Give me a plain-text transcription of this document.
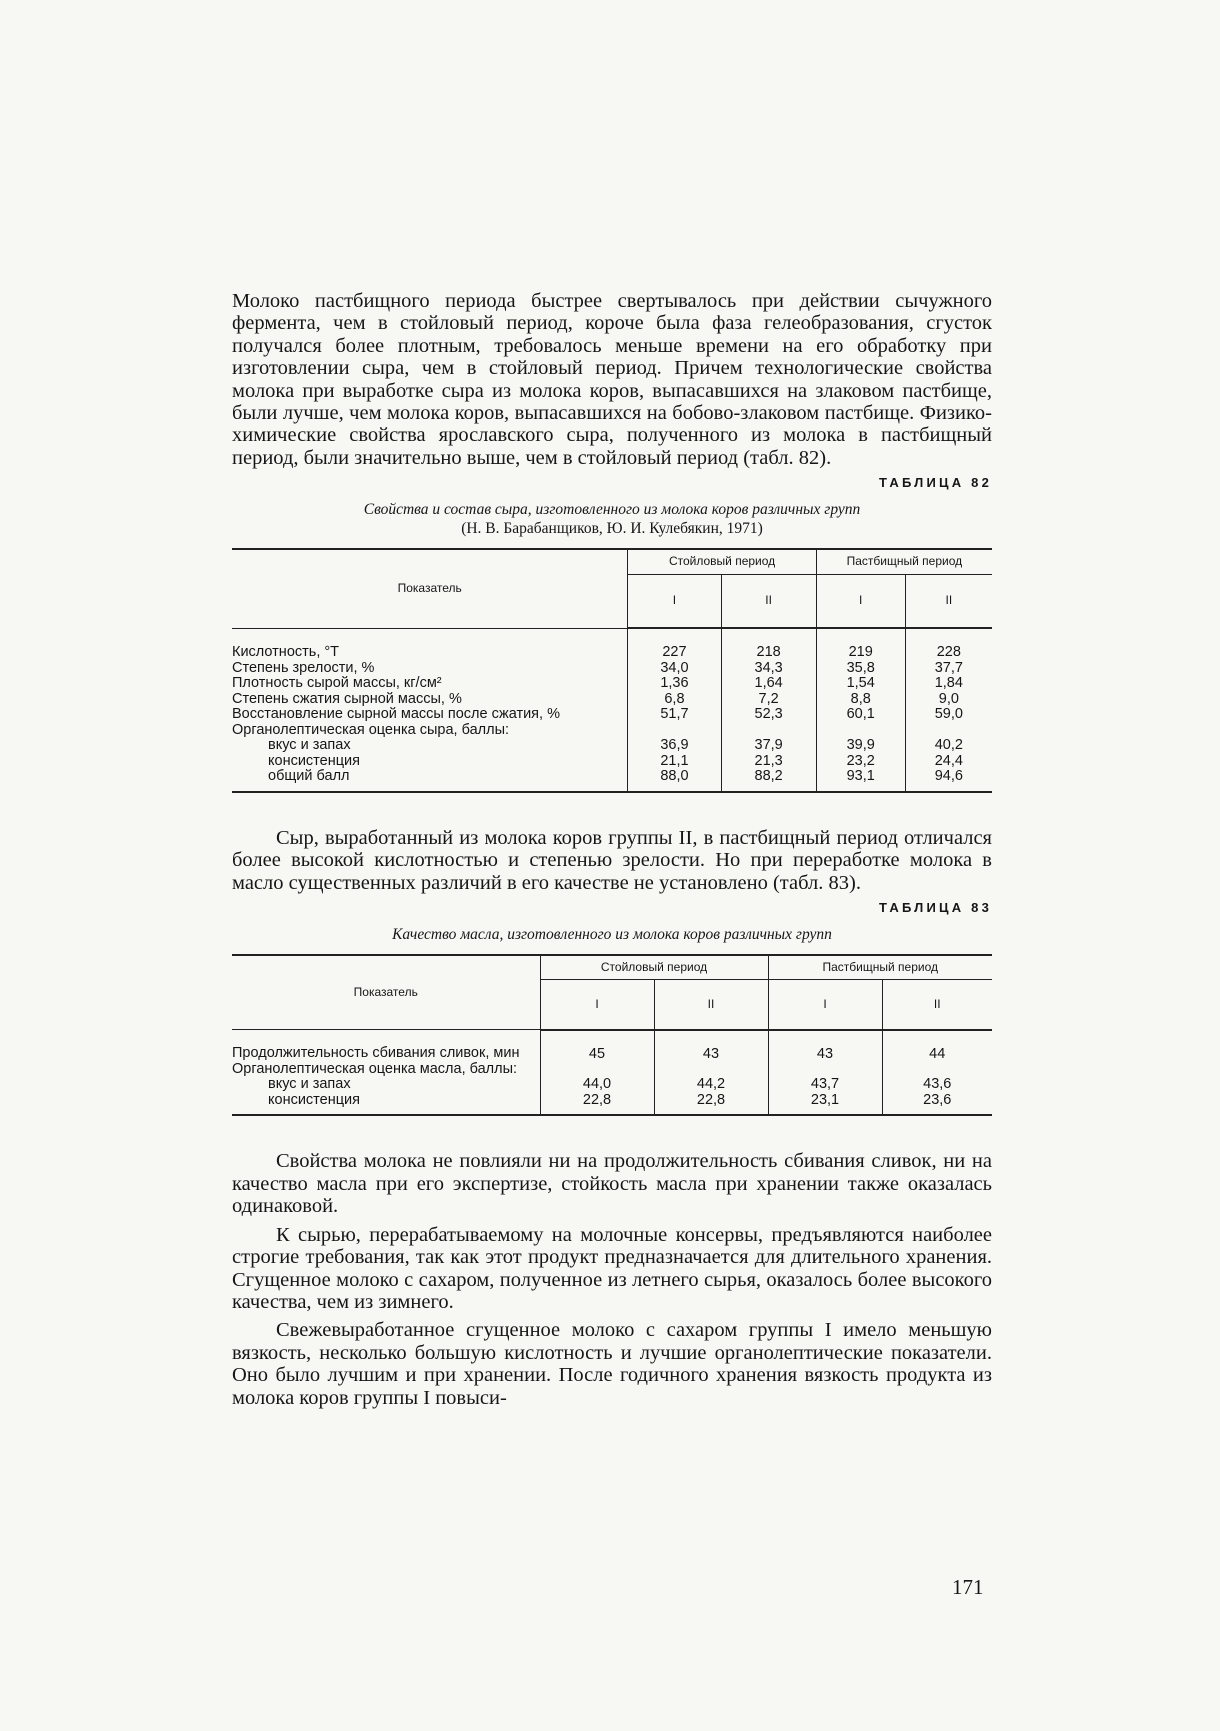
Молоко пастбищного периода быстрее свертывалось при действии сычужного фермента, чем в стойловый период, короче была фаза гелеобразования, сгусток получался более плотным, требовалось меньше времени на его обработку при изготовлении сыра, чем в стойловый период. Причем технологические свойства молока при выработке сыра из молока коров, выпасавшихся на злаковом пастбище, были лучше, чем молока коров, выпасавшихся на бобово-злаковом пастбище. Физико-химические свойства ярославского сыра, полученного из молока в пастбищный период, были значительно выше, чем в стойловый период (табл. 82).

ТАБЛИЦА 82
Свойства и состав сыра, изготовленного из молока коров различных групп
(Н. В. Барабанщиков, Ю. И. Кулебякин, 1971)
Показатель	Стойловый период		Пастбищный период	
	I	II	I	II
Кислотность, °Т	227	218	219	228
Степень зрелости, %	34,0	34,3	35,8	37,7
Плотность сырой массы, кг/см²	1,36	1,64	1,54	1,84
Степень сжатия сырной массы, %	6,8	7,2	8,8	9,0
Восстановление сырной массы после сжатия, %	51,7	52,3	60,1	59,0
Органолептическая оценка сыра, баллы:				
вкус и запах	36,9	37,9	39,9	40,2
консистенция	21,1	21,3	23,2	24,4
общий балл	88,0	88,2	93,1	94,6

Сыр, выработанный из молока коров группы II, в пастбищный период отличался более высокой кислотностью и степенью зрелости. Но при переработке молока в масло существенных различий в его качестве не установлено (табл. 83).

ТАБЛИЦА 83
Качество масла, изготовленного из молока коров различных групп
Показатель	Стойловый период		Пастбищный период	
	I	II	I	II
Продолжительность сбивания сливок, мин	45	43	43	44
Органолептическая оценка масла, баллы:				
вкус и запах	44,0	44,2	43,7	43,6
консистенция	22,8	22,8	23,1	23,6

Свойства молока не повлияли ни на продолжительность сбивания сливок, ни на качество масла при его экспертизе, стойкость масла при хранении также оказалась одинаковой.

К сырью, перерабатываемому на молочные консервы, предъявляются наиболее строгие требования, так как этот продукт предназначается для длительного хранения. Сгущенное молоко с сахаром, полученное из летнего сырья, оказалось более высокого качества, чем из зимнего.

Свежевыработанное сгущенное молоко с сахаром группы I имело меньшую вязкость, несколько большую кислотность и лучшие органолептические показатели. Оно было лучшим и при хранении. После годичного хранения вязкость продукта из молока коров группы I повыси-

171
